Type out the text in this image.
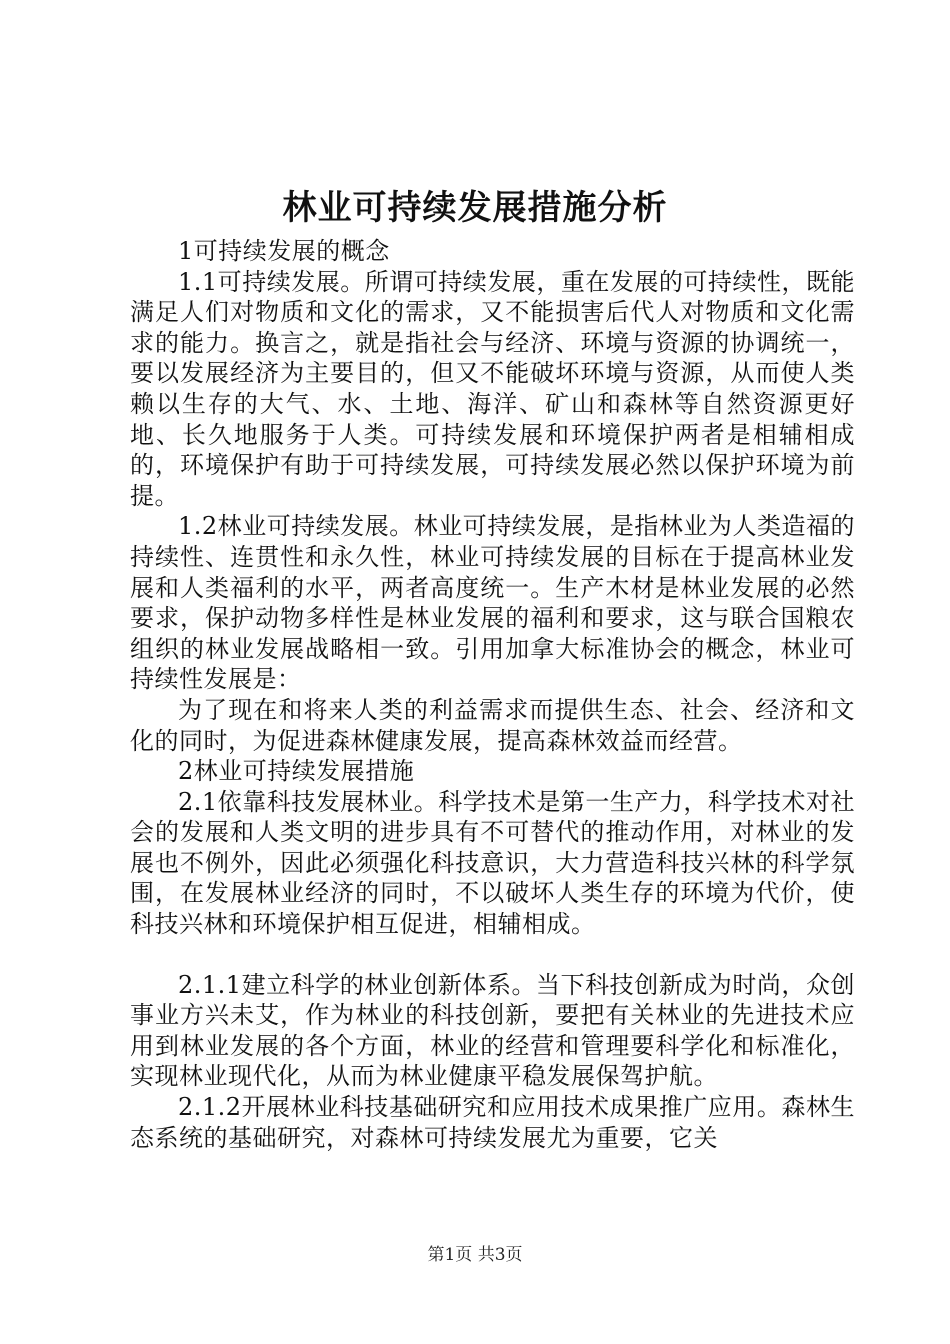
林业可持续发展措施分析

1可持续发展的概念

1.1可持续发展。所谓可持续发展，重在发展的可持续性，既能满足人们对物质和文化的需求，又不能损害后代人对物质和文化需求的能力。换言之，就是指社会与经济、环境与资源的协调统一，要以发展经济为主要目的，但又不能破坏环境与资源，从而使人类赖以生存的大气、水、土地、海洋、矿山和森林等自然资源更好地、长久地服务于人类。可持续发展和环境保护两者是相辅相成的，环境保护有助于可持续发展，可持续发展必然以保护环境为前提。

1.2林业可持续发展。林业可持续发展，是指林业为人类造福的持续性、连贯性和永久性，林业可持续发展的目标在于提高林业发展和人类福利的水平，两者高度统一。生产木材是林业发展的必然要求，保护动物多样性是林业发展的福利和要求，这与联合国粮农组织的林业发展战略相一致。引用加拿大标准协会的概念，林业可持续性发展是：

为了现在和将来人类的利益需求而提供生态、社会、经济和文化的同时，为促进森林健康发展，提高森林效益而经营。

2林业可持续发展措施

2.1依靠科技发展林业。科学技术是第一生产力，科学技术对社会的发展和人类文明的进步具有不可替代的推动作用，对林业的发展也不例外，因此必须强化科技意识，大力营造科技兴林的科学氛围，在发展林业经济的同时，不以破坏人类生存的环境为代价，使科技兴林和环境保护相互促进，相辅相成。

2.1.1建立科学的林业创新体系。当下科技创新成为时尚，众创事业方兴未艾，作为林业的科技创新，要把有关林业的先进技术应用到林业发展的各个方面，林业的经营和管理要科学化和标准化，实现林业现代化，从而为林业健康平稳发展保驾护航。

2.1.2开展林业科技基础研究和应用技术成果推广应用。森林生态系统的基础研究，对森林可持续发展尤为重要，它关

第1页 共3页
